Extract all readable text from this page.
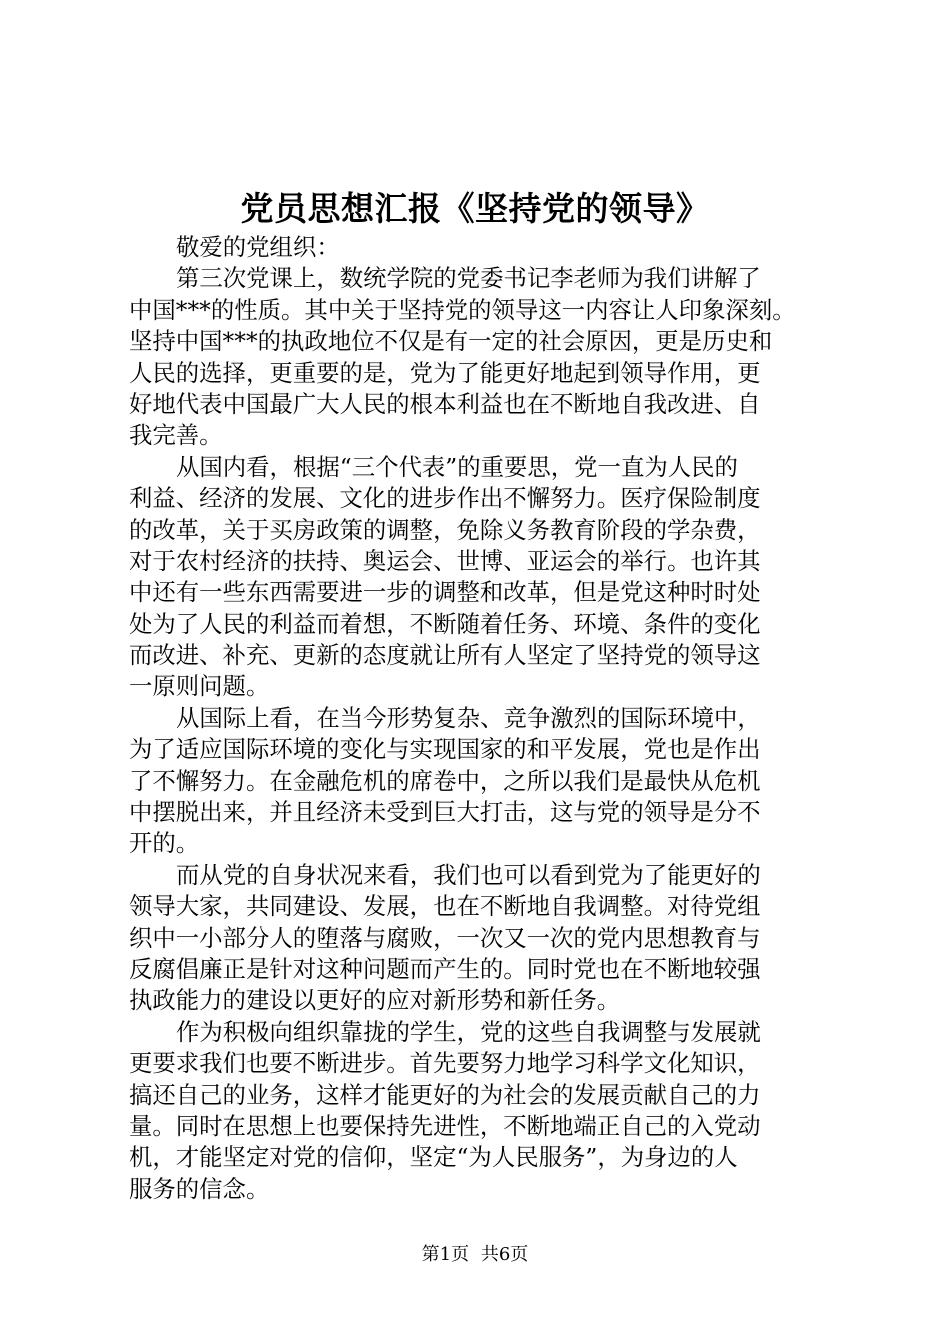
党员思想汇报《坚持党的领导》
敬爱的党组织：
第三次党课上，数统学院的党委书记李老师为我们讲解了
中国***的性质。其中关于坚持党的领导这一内容让人印象深刻。
坚持中国***的执政地位不仅是有一定的社会原因，更是历史和
人民的选择，更重要的是，党为了能更好地起到领导作用，更
好地代表中国最广大人民的根本利益也在不断地自我改进、自
我完善。
从国内看，根据“三个代表”的重要思，党一直为人民的
利益、经济的发展、文化的进步作出不懈努力。医疗保险制度
的改革，关于买房政策的调整，免除义务教育阶段的学杂费，
对于农村经济的扶持、奥运会、世博、亚运会的举行。也许其
中还有一些东西需要进一步的调整和改革，但是党这种时时处
处为了人民的利益而着想，不断随着任务、环境、条件的变化
而改进、补充、更新的态度就让所有人坚定了坚持党的领导这
一原则问题。
从国际上看，在当今形势复杂、竞争激烈的国际环境中，
为了适应国际环境的变化与实现国家的和平发展，党也是作出
了不懈努力。在金融危机的席卷中，之所以我们是最快从危机
中摆脱出来，并且经济未受到巨大打击，这与党的领导是分不
开的。
而从党的自身状况来看，我们也可以看到党为了能更好的
领导大家，共同建设、发展，也在不断地自我调整。对待党组
织中一小部分人的堕落与腐败，一次又一次的党内思想教育与
反腐倡廉正是针对这种问题而产生的。同时党也在不断地较强
执政能力的建设以更好的应对新形势和新任务。
作为积极向组织靠拢的学生，党的这些自我调整与发展就
更要求我们也要不断进步。首先要努力地学习科学文化知识，
搞还自己的业务，这样才能更好的为社会的发展贡献自己的力
量。同时在思想上也要保持先进性，不断地端正自己的入党动
机，才能坚定对党的信仰，坚定“为人民服务”，为身边的人
服务的信念。
第1页 共6页
